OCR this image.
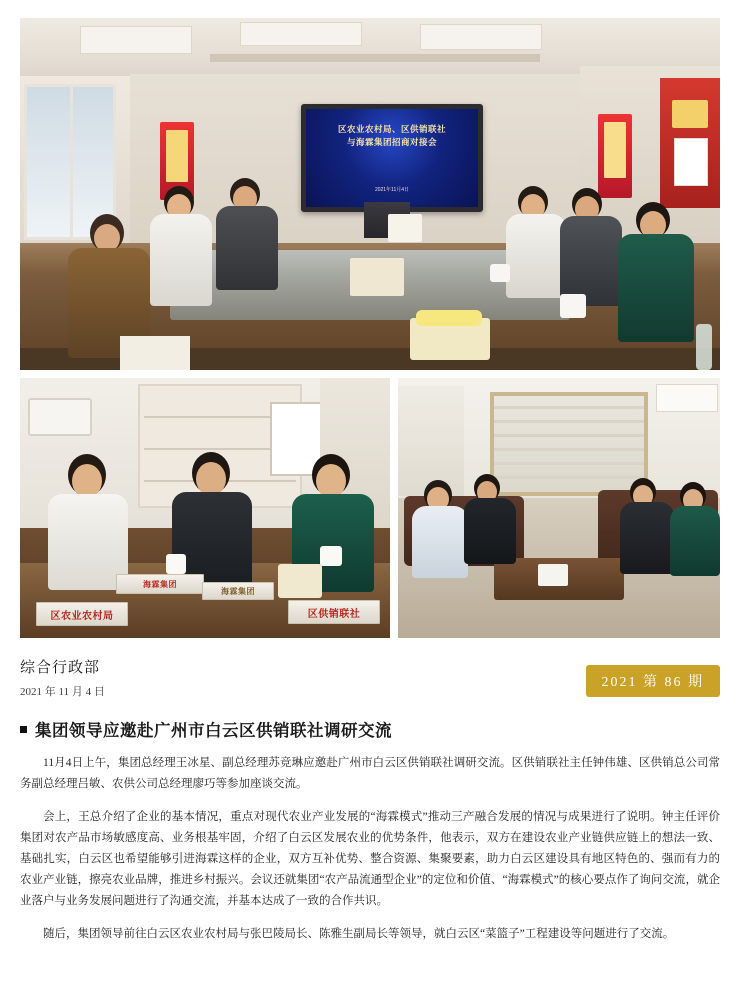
区农业农村局、区供销联社
与海霖集团招商对接会
2021年11月4日
海霖集团
海霖集团
区农业农村局	区供销联社
综合行政部
2021 年 11 月 4 日
2021 第 86 期
集团领导应邀赴广州市白云区供销联社调研交流

11月4日上午，集团总经理王冰星、副总经理苏竞琳应邀赴广州市白云区供销联社调研交流。区供销联社主任钟伟雄、区供销总公司常务副总经理吕敏、农供公司总经理廖巧等参加座谈交流。

会上，王总介绍了企业的基本情况，重点对现代农业产业发展的“海霖模式”推动三产融合发展的情况与成果进行了说明。钟主任评价集团对农产品市场敏感度高、业务根基牢固，介绍了白云区发展农业的优势条件，他表示，双方在建设农业产业链供应链上的想法一致、基础扎实，白云区也希望能够引进海霖这样的企业，双方互补优势、整合资源、集聚要素，助力白云区建设具有地区特色的、强而有力的农业产业链，擦亮农业品牌，推进乡村振兴。会议还就集团“农产品流通型企业”的定位和价值、“海霖模式”的核心要点作了询问交流，就企业落户与业务发展问题进行了沟通交流，并基本达成了一致的合作共识。

随后，集团领导前往白云区农业农村局与张巴陵局长、陈雅生副局长等领导，就白云区“菜篮子”工程建设等问题进行了交流。
